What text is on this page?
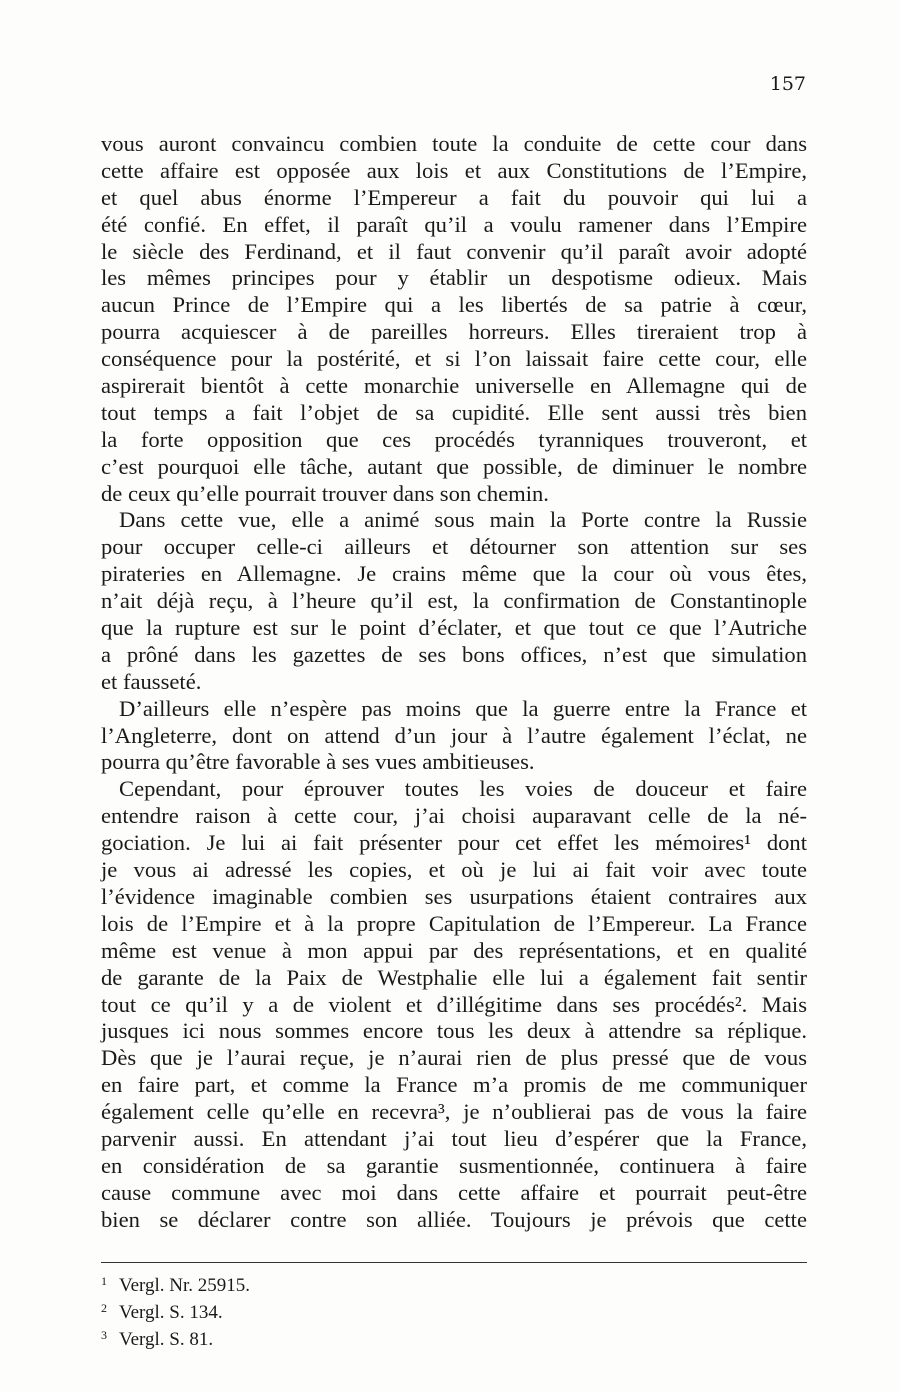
157
vous auront convaincu combien toute la conduite de cette cour dans
cette affaire est opposée aux lois et aux Constitutions de l’Empire,
et quel abus énorme l’Empereur a fait du pouvoir qui lui a
été confié. En effet, il paraît qu’il a voulu ramener dans l’Empire
le siècle des Ferdinand, et il faut convenir qu’il paraît avoir adopté
les mêmes principes pour y établir un despotisme odieux. Mais
aucun Prince de l’Empire qui a les libertés de sa patrie à cœur,
pourra acquiescer à de pareilles horreurs. Elles tireraient trop à
conséquence pour la postérité, et si l’on laissait faire cette cour, elle
aspirerait bientôt à cette monarchie universelle en Allemagne qui de
tout temps a fait l’objet de sa cupidité. Elle sent aussi très bien
la forte opposition que ces procédés tyranniques trouveront, et
c’est pourquoi elle tâche, autant que possible, de diminuer le nombre
de ceux qu’elle pourrait trouver dans son chemin.
Dans cette vue, elle a animé sous main la Porte contre la Russie
pour occuper celle-ci ailleurs et détourner son attention sur ses
pirateries en Allemagne. Je crains même que la cour où vous êtes,
n’ait déjà reçu, à l’heure qu’il est, la confirmation de Constantinople
que la rupture est sur le point d’éclater, et que tout ce que l’Autriche
a prôné dans les gazettes de ses bons offices, n’est que simulation
et fausseté.
D’ailleurs elle n’espère pas moins que la guerre entre la France et
l’Angleterre, dont on attend d’un jour à l’autre également l’éclat, ne
pourra qu’être favorable à ses vues ambitieuses.
Cependant, pour éprouver toutes les voies de douceur et faire
entendre raison à cette cour, j’ai choisi auparavant celle de la né-
gociation. Je lui ai fait présenter pour cet effet les mémoires¹ dont
je vous ai adressé les copies, et où je lui ai fait voir avec toute
l’évidence imaginable combien ses usurpations étaient contraires aux
lois de l’Empire et à la propre Capitulation de l’Empereur. La France
même est venue à mon appui par des représentations, et en qualité
de garante de la Paix de Westphalie elle lui a également fait sentir
tout ce qu’il y a de violent et d’illégitime dans ses procédés². Mais
jusques ici nous sommes encore tous les deux à attendre sa réplique.
Dès que je l’aurai reçue, je n’aurai rien de plus pressé que de vous
en faire part, et comme la France m’a promis de me communiquer
également celle qu’elle en recevra³, je n’oublierai pas de vous la faire
parvenir aussi. En attendant j’ai tout lieu d’espérer que la France,
en considération de sa garantie susmentionnée, continuera à faire
cause commune avec moi dans cette affaire et pourrait peut-être
bien se déclarer contre son alliée. Toujours je prévois que cette
1 Vergl. Nr. 25915.
2 Vergl. S. 134.
3 Vergl. S. 81.
